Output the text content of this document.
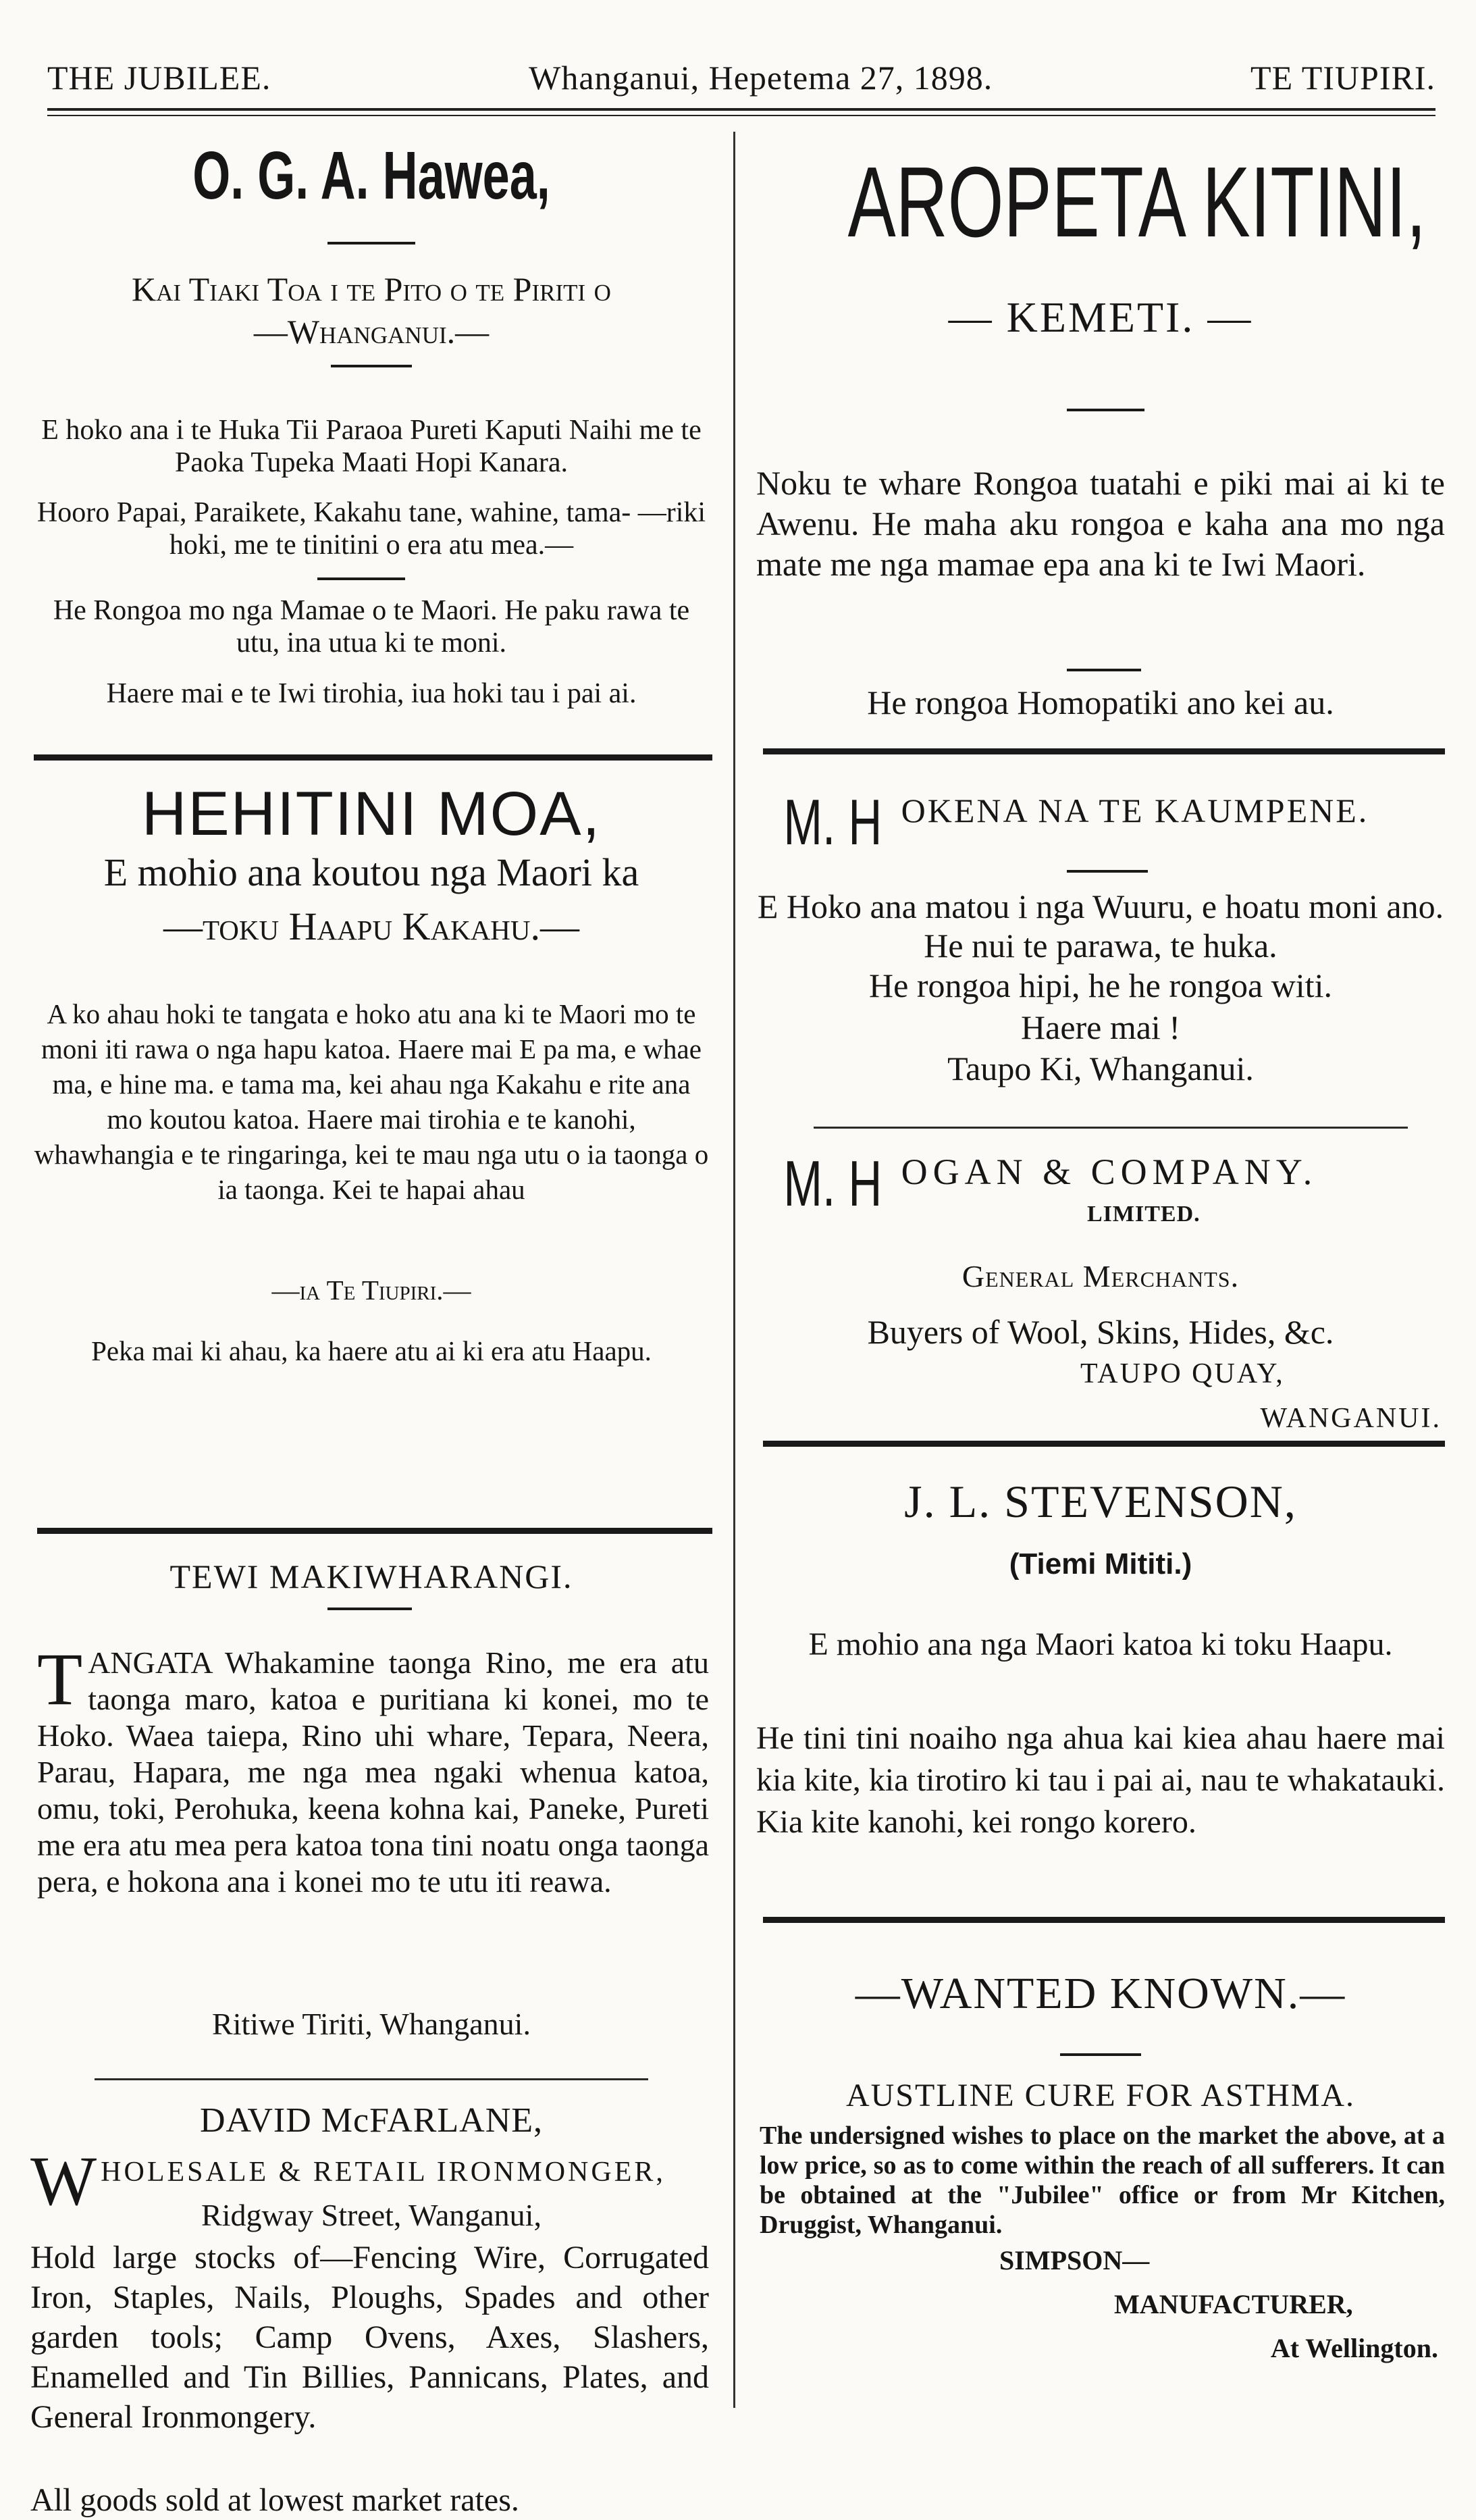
THE JUBILEE.	Whanganui, Hepetema 27, 1898.	TE TIUPIRI.
O. G. A. Hawea,
Kai Tiaki Toa i te Pito o te Piriti o
—Whanganui.—

E hoko ana i te Huka Tii Paraoa Pureti Kaputi Naihi me te Paoka Tupeka Maati Hopi Kanara.

Hooro Papai, Paraikete, Kakahu tane, wahine, tama- —riki hoki, me te tinitini o era atu mea.—

He Rongoa mo nga Mamae o te Maori. He paku rawa te utu, ina utua ki te moni.

Haere mai e te Iwi tirohia, iua hoki tau i pai ai.

HEHITINI MOA,
E mohio ana koutou nga Maori ka
—toku Haapu Kakahu.—

A ko ahau hoki te tangata e hoko atu ana ki te Maori mo te moni iti rawa o nga hapu katoa. Haere mai E pa ma, e whae ma, e hine ma. e tama ma, kei ahau nga Kakahu e rite ana mo koutou katoa. Haere mai tirohia e te kanohi, whawhangia e te ringaringa, kei te mau nga utu o ia taonga o ia taonga. Kei te hapai ahau

—ia Te Tiupiri.—

Peka mai ki ahau, ka haere atu ai ki era atu Haapu.

TEWI MAKIWHARANGI.

TANGATA Whakamine taonga Rino, me era atu taonga maro, katoa e puritiana ki konei, mo te Hoko. Waea taiepa, Rino uhi whare, Tepara, Neera, Parau, Hapara, me nga mea ngaki whenua katoa, omu, toki, Perohuka, keena kohna kai, Paneke, Pureti me era atu mea pera katoa tona tini noatu onga taonga pera, e hokona ana i konei mo te utu iti reawa.

Ritiwe Tiriti, Whanganui.
DAVID McFARLANE,
W HOLESALE & RETAIL IRONMONGER,
Ridgway Street, Wanganui,

Hold large stocks of—Fencing Wire, Corrugated Iron, Staples, Nails, Ploughs, Spades and other garden tools; Camp Ovens, Axes, Slashers, Enamelled and Tin Billies, Pannicans, Plates, and General Ironmongery.

All goods sold at lowest market rates.
AROPETA KITINI,
— KEMETI. —

Noku te whare Rongoa tuatahi e piki mai ai ki te Awenu. He maha aku rongoa e kaha ana mo nga mate me nga mamae epa ana ki te Iwi Maori.

He rongoa Homopatiki ano kei au.
M. H OKENA NA TE KAUMPENE.

E Hoko ana matou i nga Wuuru, e hoatu moni ano. He nui te parawa, te huka.

He rongoa hipi, he he rongoa witi.
Haere mai !
Taupo Ki, Whanganui.
M. H OGAN & COMPANY.
LIMITED.
General Merchants.
Buyers of Wool, Skins, Hides, &c.
TAUPO QUAY,
WANGANUI.
J. L. STEVENSON,
(Tiemi Mititi.)

E mohio ana nga Maori katoa ki toku Haapu.

He tini tini noaiho nga ahua kai kiea ahau haere mai kia kite, kia tirotiro ki tau i pai ai, nau te whakatauki. Kia kite kanohi, kei rongo korero.

—WANTED KNOWN.—
AUSTLINE CURE FOR ASTHMA.

The undersigned wishes to place on the market the above, at a low price, so as to come within the reach of all sufferers. It can be obtained at the "Jubilee" office or from Mr Kitchen, Druggist, Whanganui.

SIMPSON—
MANUFACTURER,
At Wellington.
